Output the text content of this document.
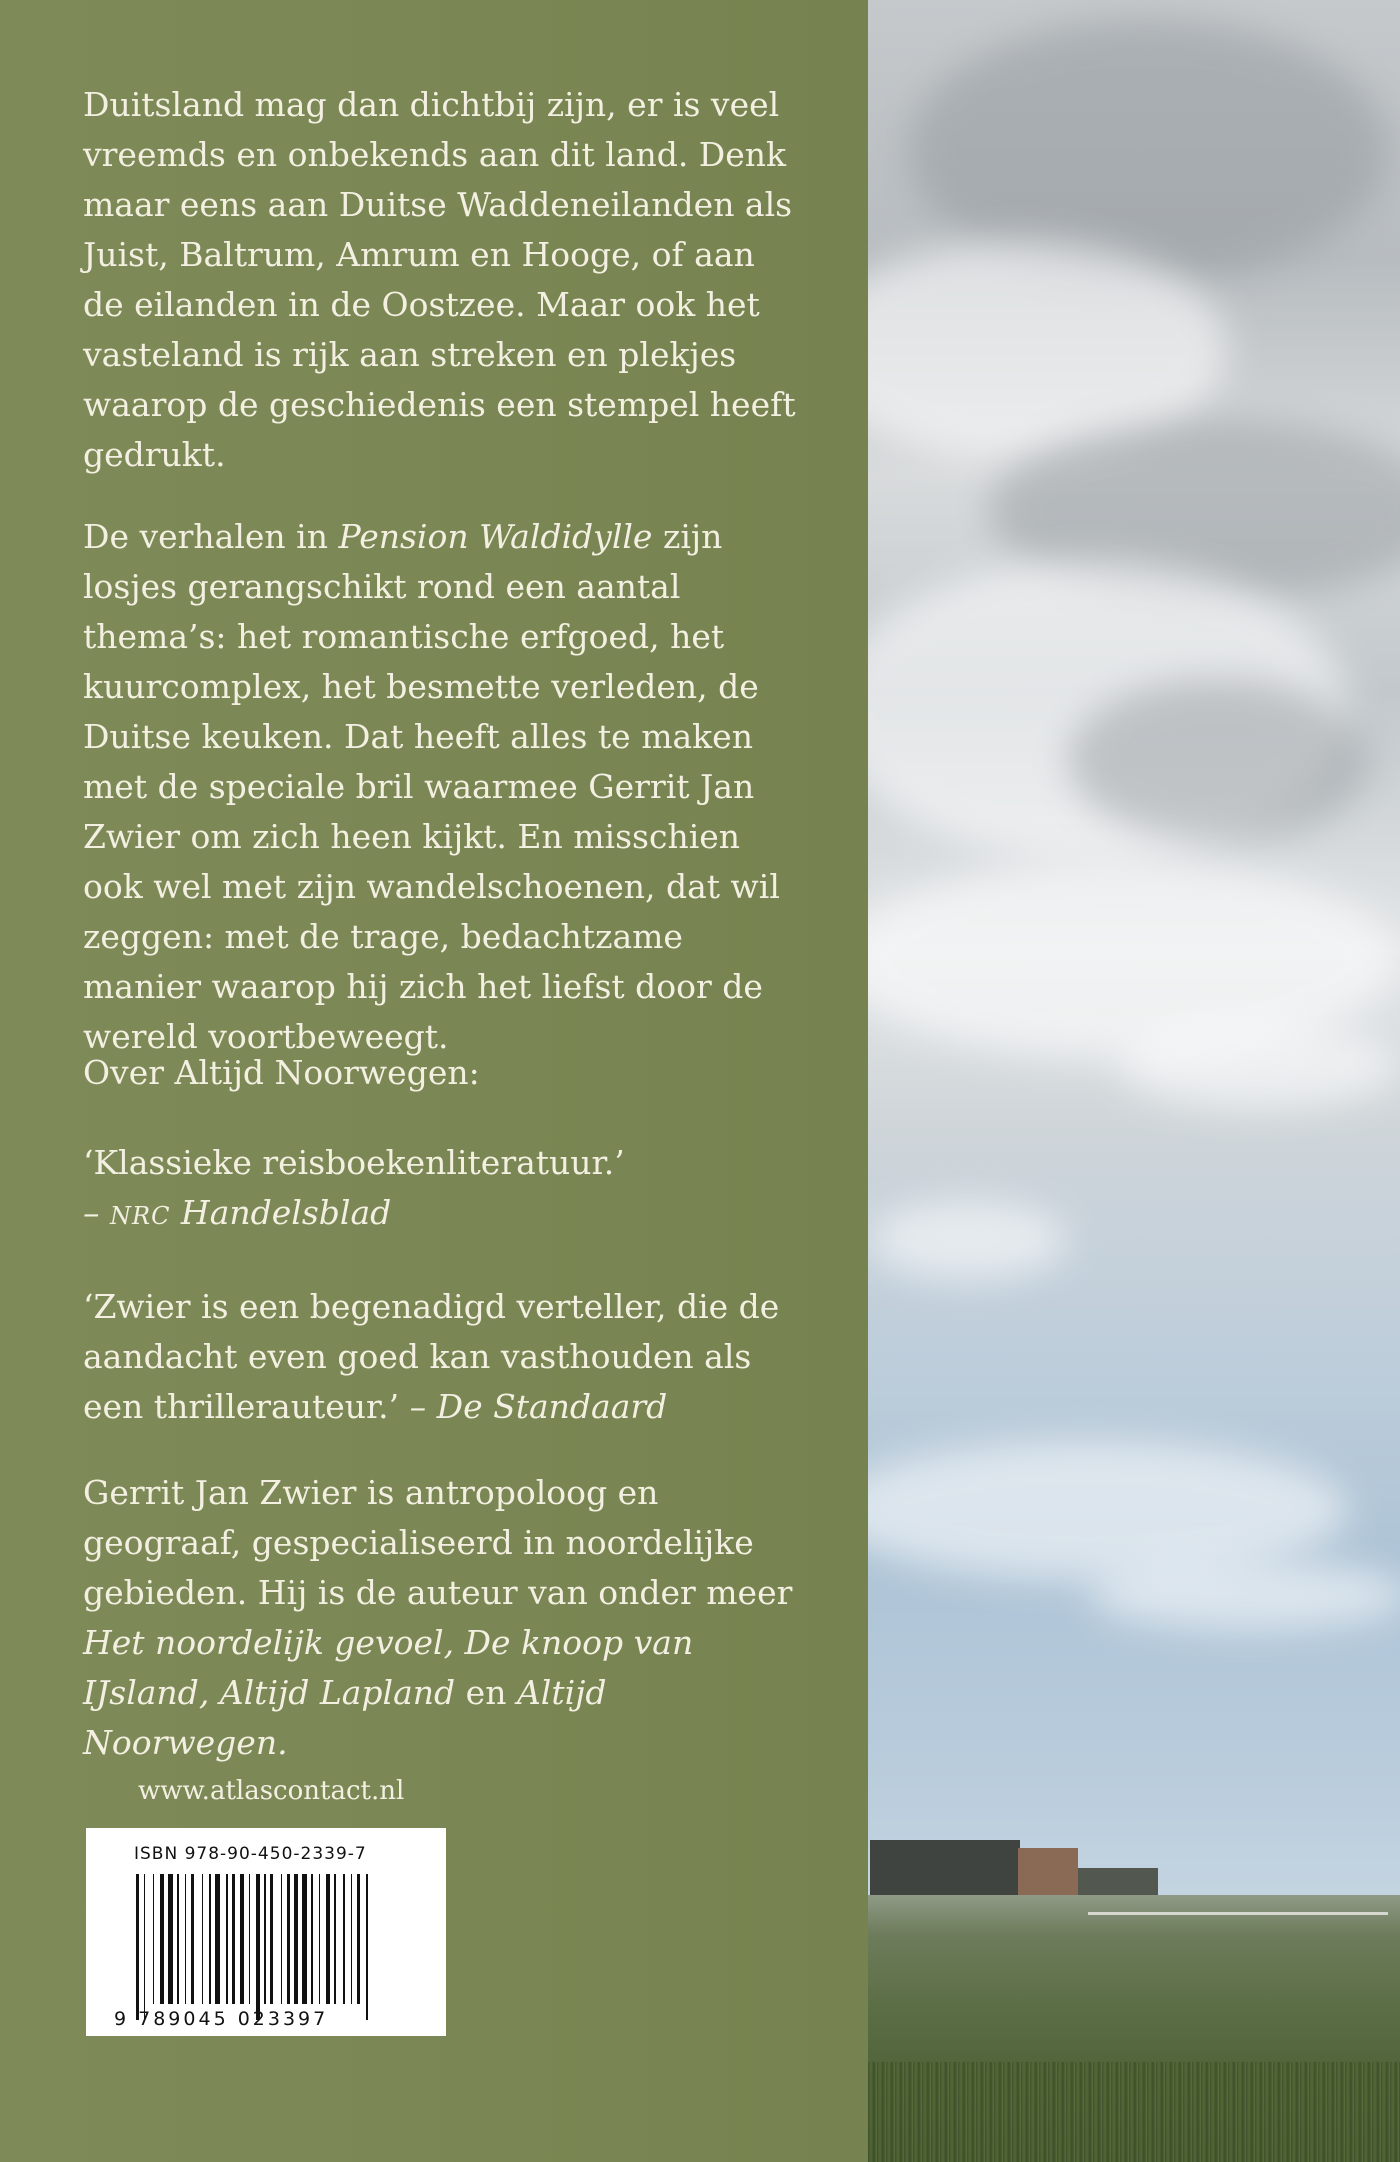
Duitsland mag dan dichtbij zijn, er is veel vreemds en onbekends aan dit land. Denk maar eens aan Duitse Waddeneilanden als Juist, Baltrum, Amrum en Hooge, of aan de eilanden in de Oostzee. Maar ook het vasteland is rijk aan streken en plekjes waarop de geschiedenis een stempel heeft gedrukt.

De verhalen in Pension Waldidylle zijn losjes gerangschikt rond een aantal thema’s: het romantische erfgoed, het kuurcomplex, het besmette verleden, de Duitse keuken. Dat heeft alles te maken met de speciale bril waarmee Gerrit Jan Zwier om zich heen kijkt. En misschien ook wel met zijn wandelschoenen, dat wil zeggen: met de trage, bedachtzame manier waarop hij zich het liefst door de wereld voortbeweegt.

Over Altijd Noorwegen:

‘Klassieke reisboekenliteratuur.’

– NRC Handelsblad

‘Zwier is een begenadigd verteller, die de aandacht even goed kan vasthouden als een thrillerauteur.’ – De Standaard

Gerrit Jan Zwier is antropoloog en geograaf, gespecialiseerd in noordelijke gebieden. Hij is de auteur van onder meer Het noordelijk gevoel, De knoop van IJsland, Altijd Lapland en Altijd Noorwegen.

www.atlascontact.nl
ISBN 978-90-450-2339-7
9 789045 023397
